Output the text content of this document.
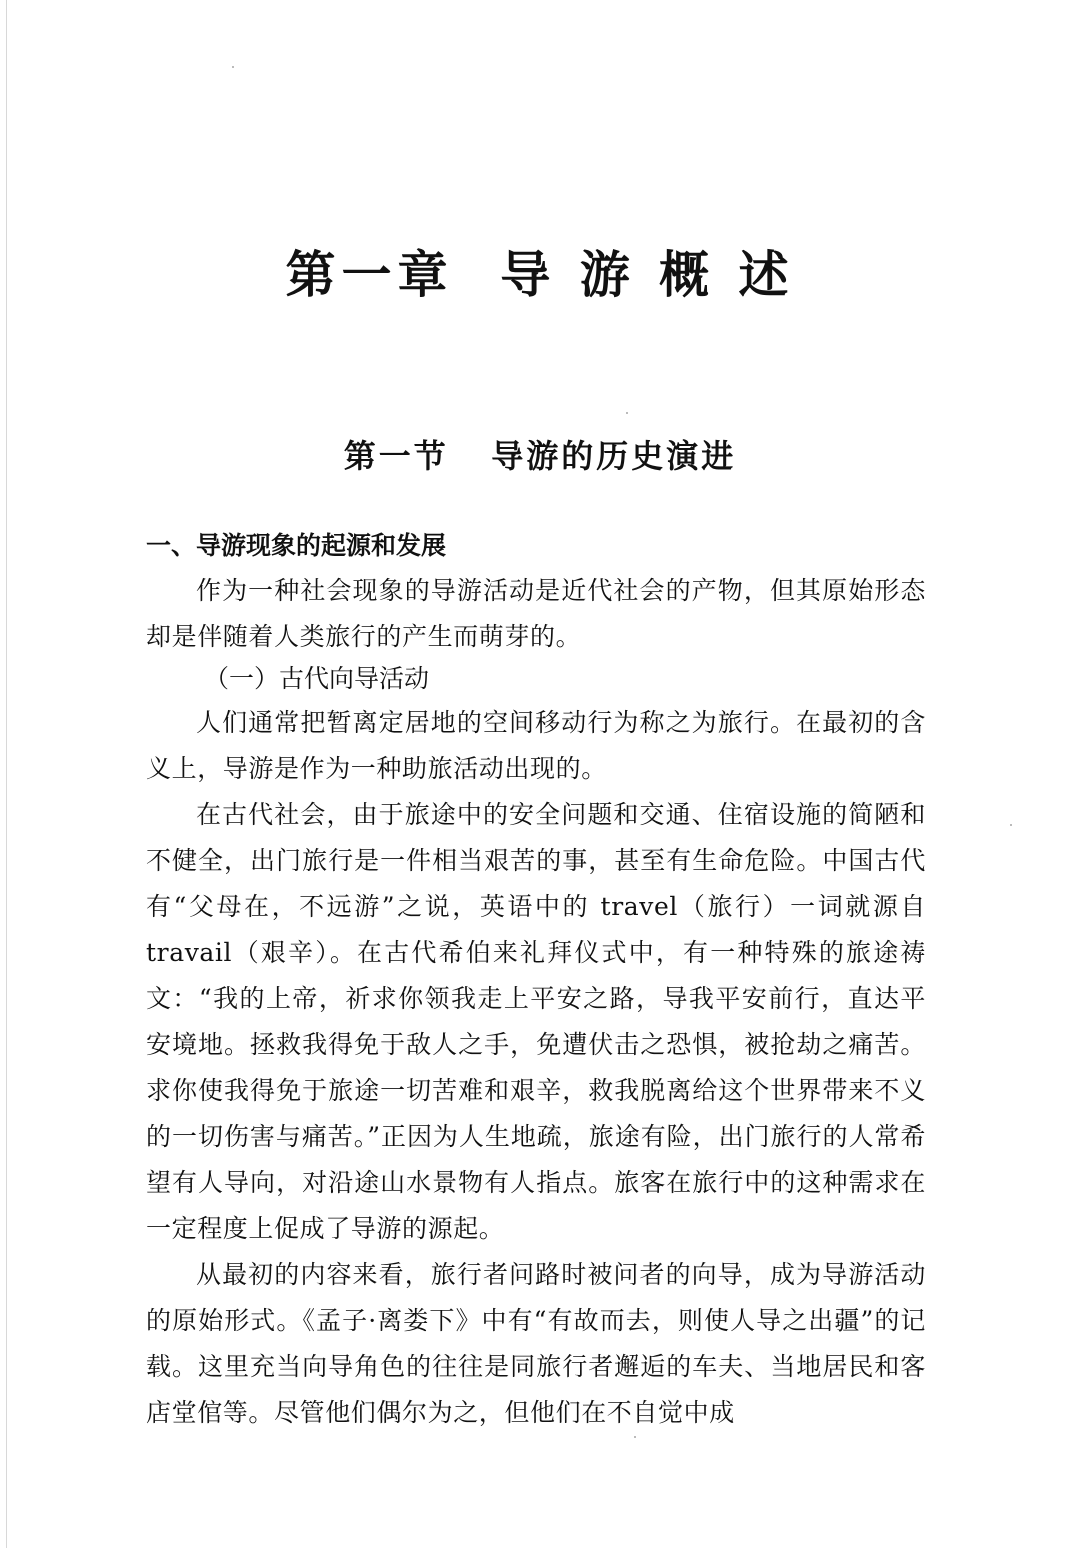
第一章  导 游 概 述
第一节   导游的历史演进
一、导游现象的起源和发展

作为一种社会现象的导游活动是近代社会的产物，但其原始形态却是伴随着人类旅行的产生而萌芽的。

（一）古代向导活动

人们通常把暂离定居地的空间移动行为称之为旅行。在最初的含义上，导游是作为一种助旅活动出现的。

在古代社会，由于旅途中的安全问题和交通、住宿设施的简陋和不健全，出门旅行是一件相当艰苦的事，甚至有生命危险。中国古代有“父母在，不远游”之说，英语中的 travel（旅行）一词就源自travail（艰辛）。在古代希伯来礼拜仪式中，有一种特殊的旅途祷文：“我的上帝，祈求你领我走上平安之路，导我平安前行，直达平安境地。拯救我得免于敌人之手，免遭伏击之恐惧，被抢劫之痛苦。求你使我得免于旅途一切苦难和艰辛，救我脱离给这个世界带来不义的一切伤害与痛苦。”正因为人生地疏，旅途有险，出门旅行的人常希望有人导向，对沿途山水景物有人指点。旅客在旅行中的这种需求在一定程度上促成了导游的源起。

从最初的内容来看，旅行者问路时被问者的向导，成为导游活动的原始形式。《孟子·离娄下》中有“有故而去，则使人导之出疆”的记载。这里充当向导角色的往往是同旅行者邂逅的车夫、当地居民和客店堂倌等。尽管他们偶尔为之，但他们在不自觉中成
